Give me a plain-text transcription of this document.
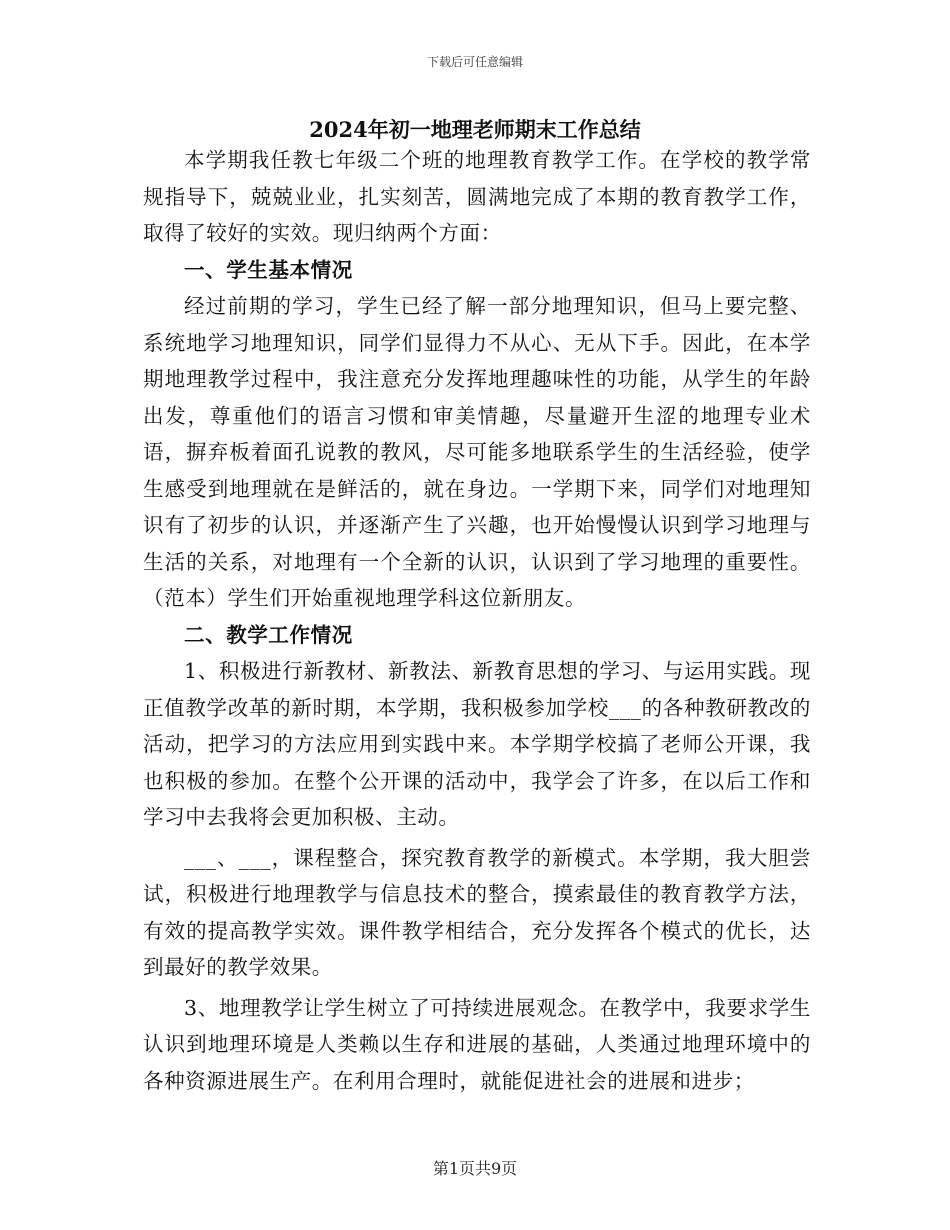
下载后可任意编辑
2024年初一地理老师期末工作总结

本学期我任教七年级二个班的地理教育教学工作。在学校的教学常规指导下，兢兢业业，扎实刻苦，圆满地完成了本期的教育教学工作，取得了较好的实效。现归纳两个方面：

一、学生基本情况

经过前期的学习，学生已经了解一部分地理知识，但马上要完整、系统地学习地理知识，同学们显得力不从心、无从下手。因此，在本学期地理教学过程中，我注意充分发挥地理趣味性的功能，从学生的年龄出发，尊重他们的语言习惯和审美情趣，尽量避开生涩的地理专业术语，摒弃板着面孔说教的教风，尽可能多地联系学生的生活经验，使学生感受到地理就在是鲜活的，就在身边。一学期下来，同学们对地理知识有了初步的认识，并逐渐产生了兴趣，也开始慢慢认识到学习地理与生活的关系，对地理有一个全新的认识，认识到了学习地理的重要性。（范本）学生们开始重视地理学科这位新朋友。

二、教学工作情况

1、积极进行新教材、新教法、新教育思想的学习、与运用实践。现正值教学改革的新时期，本学期，我积极参加学校___的各种教研教改的活动，把学习的方法应用到实践中来。本学期学校搞了老师公开课，我也积极的参加。在整个公开课的活动中，我学会了许多，在以后工作和学习中去我将会更加积极、主动。

___、___，课程整合，探究教育教学的新模式。本学期，我大胆尝试，积极进行地理教学与信息技术的整合，摸索最佳的教育教学方法，有效的提高教学实效。课件教学相结合，充分发挥各个模式的优长，达到最好的教学效果。

3、地理教学让学生树立了可持续进展观念。在教学中，我要求学生认识到地理环境是人类赖以生存和进展的基础，人类通过地理环境中的各种资源进展生产。在利用合理时，就能促进社会的进展和进步；

第1页共9页
